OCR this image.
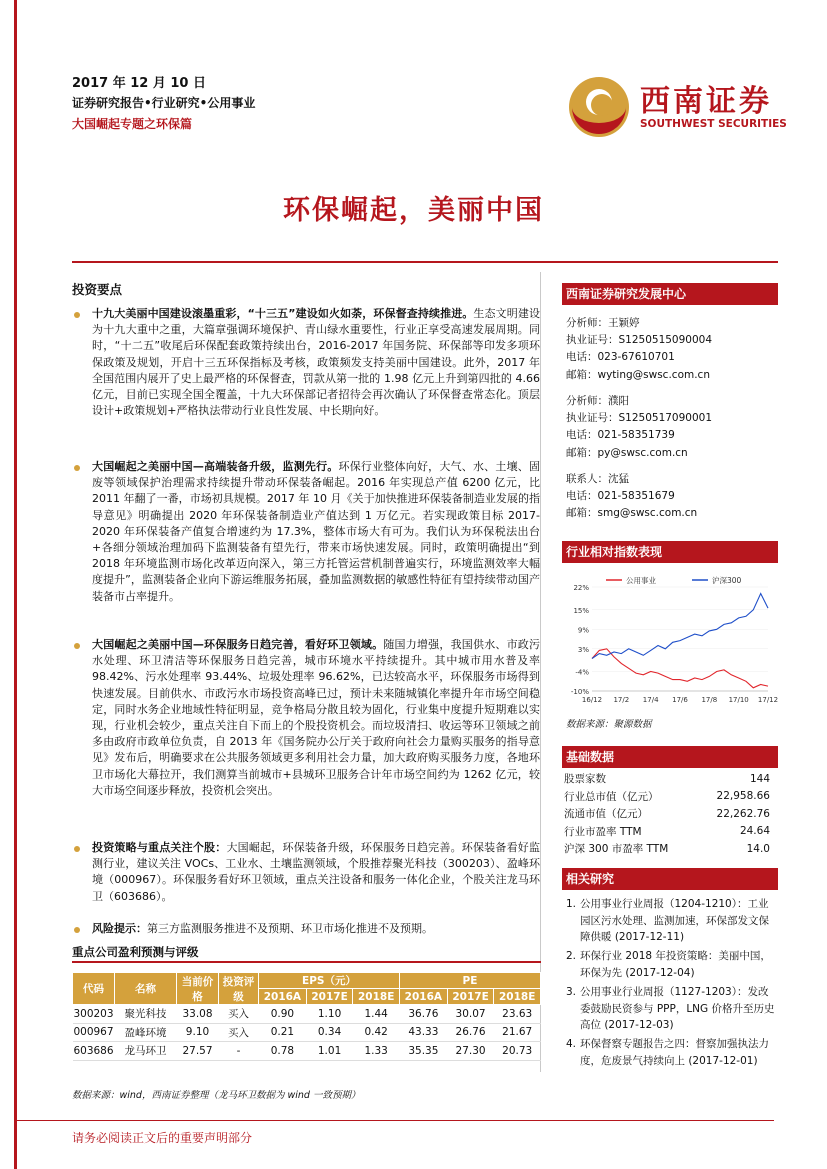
2017 年 12 月 10 日
证券研究报告•行业研究•公用事业
大国崛起专题之环保篇
西南证券
SOUTHWEST SECURITIES
环保崛起，美丽中国
投资要点
十九大美丽中国建设滚墨重彩，“十三五”建设如火如荼，环保督查持续推进。生态文明建设为十九大重中之重，大篇章强调环境保护、青山绿水重要性，行业正享受高速发展周期。同时，“十二五”收尾后环保配套政策持续出台，2016-2017 年国务院、环保部等印发多项环保政策及规划，开启十三五环保指标及考核，政策频发支持美丽中国建设。此外，2017 年全国范围内展开了史上最严格的环保督查，罚款从第一批的 1.98 亿元上升到第四批的 4.66 亿元，目前已实现全国全覆盖，十九大环保部记者招待会再次确认了环保督查常态化。顶层设计+政策规划+严格执法带动行业良性发展、中长期向好。
大国崛起之美丽中国—高端装备升级，监测先行。环保行业整体向好，大气、水、土壤、固废等领域保护治理需求持续提升带动环保装备崛起。2016 年实现总产值 6200 亿元，比 2011 年翻了一番，市场初具规模。2017 年 10 月《关于加快推进环保装备制造业发展的指导意见》明确提出 2020 年环保装备制造业产值达到 1 万亿元。若实现政策目标 2017-2020 年环保装备产值复合增速约为 17.3%，整体市场大有可为。我们认为环保税法出台+各细分领域治理加码下监测装备有望先行，带来市场快速发展。同时，政策明确提出“到 2018 年环境监测市场化改革迈向深入，第三方托管运营机制普遍实行，环境监测效率大幅度提升”，监测装备企业向下游运维服务拓展，叠加监测数据的敏感性特征有望持续带动国产装备市占率提升。
大国崛起之美丽中国—环保服务日趋完善，看好环卫领域。随国力增强，我国供水、市政污水处理、环卫清洁等环保服务日趋完善，城市环境水平持续提升。其中城市用水普及率 98.42%、污水处理率 93.44%、垃圾处理率 96.62%，已达较高水平，环保服务市场得到快速发展。目前供水、市政污水市场投资高峰已过，预计未来随城镇化率提升年市场空间稳定，同时水务企业地域性特征明显，竞争格局分散且较为固化，行业集中度提升短期难以实现，行业机会较少，重点关注自下而上的个股投资机会。而垃圾清扫、收运等环卫领域之前多由政府市政单位负责，自 2013 年《国务院办公厅关于政府向社会力量购买服务的指导意见》发布后，明确要求在公共服务领域更多利用社会力量，加大政府购买服务力度，各地环卫市场化大幕拉开，我们测算当前城市+县城环卫服务合计年市场空间约为 1262 亿元，较大市场空间逐步释放，投资机会突出。
投资策略与重点关注个股：大国崛起，环保装备升级，环保服务日趋完善。环保装备看好监测行业，建议关注 VOCs、工业水、土壤监测领域，个股推荐聚光科技（300203）、盈峰环境（000967）。环保服务看好环卫领域，重点关注设备和服务一体化企业，个股关注龙马环卫（603686）。
风险提示：第三方监测服务推进不及预期、环卫市场化推进不及预期。
西南证券研究发展中心
分析师：王颖婷
执业证号：S1250515090004
电话：023-67610701
邮箱：wyting@swsc.com.cn
分析师：濮阳
执业证号：S1250517090001
电话：021-58351739
邮箱：py@swsc.com.cn
联系人：沈猛
电话：021-58351679
邮箱：smg@swsc.com.cn
行业相对指数表现
22%
15%
9%
3%
-4%
-10%
16/12 17/2 17/4 17/6 17/8 17/10 17/12
公用事业	沪深300
数据来源：聚源数据
基础数据
股票家数	144
行业总市值（亿元）	22,958.66
流通市值（亿元）	22,262.76
行业市盈率 TTM	24.64
沪深 300 市盈率 TTM	14.0
相关研究
1. 公用事业行业周报（1204-1210）：工业园区污水处理、监测加速，环保部发文保障供暖 (2017-12-11)
2. 环保行业 2018 年投资策略：美丽中国，环保为先 (2017-12-04)
3. 公用事业行业周报（1127-1203）：发改委鼓励民资参与 PPP，LNG 价格升至历史高位 (2017-12-03)
4. 环保督察专题报告之四：督察加强执法力度，危废景气持续向上 (2017-12-01)
重点公司盈利预测与评级
代码	名称	当前价格	投资评级	EPS（元）			PE		
				2016A	2017E	2018E	2016A	2017E	2018E
300203	聚光科技	33.08	买入	0.90	1.10	1.44	36.76	30.07	23.63
000967	盈峰环境	9.10	买入	0.21	0.34	0.42	43.33	26.76	21.67
603686	龙马环卫	27.57	-	0.78	1.01	1.33	35.35	27.30	20.73
数据来源：wind，西南证券整理（龙马环卫数据为 wind 一致预期）
请务必阅读正文后的重要声明部分
